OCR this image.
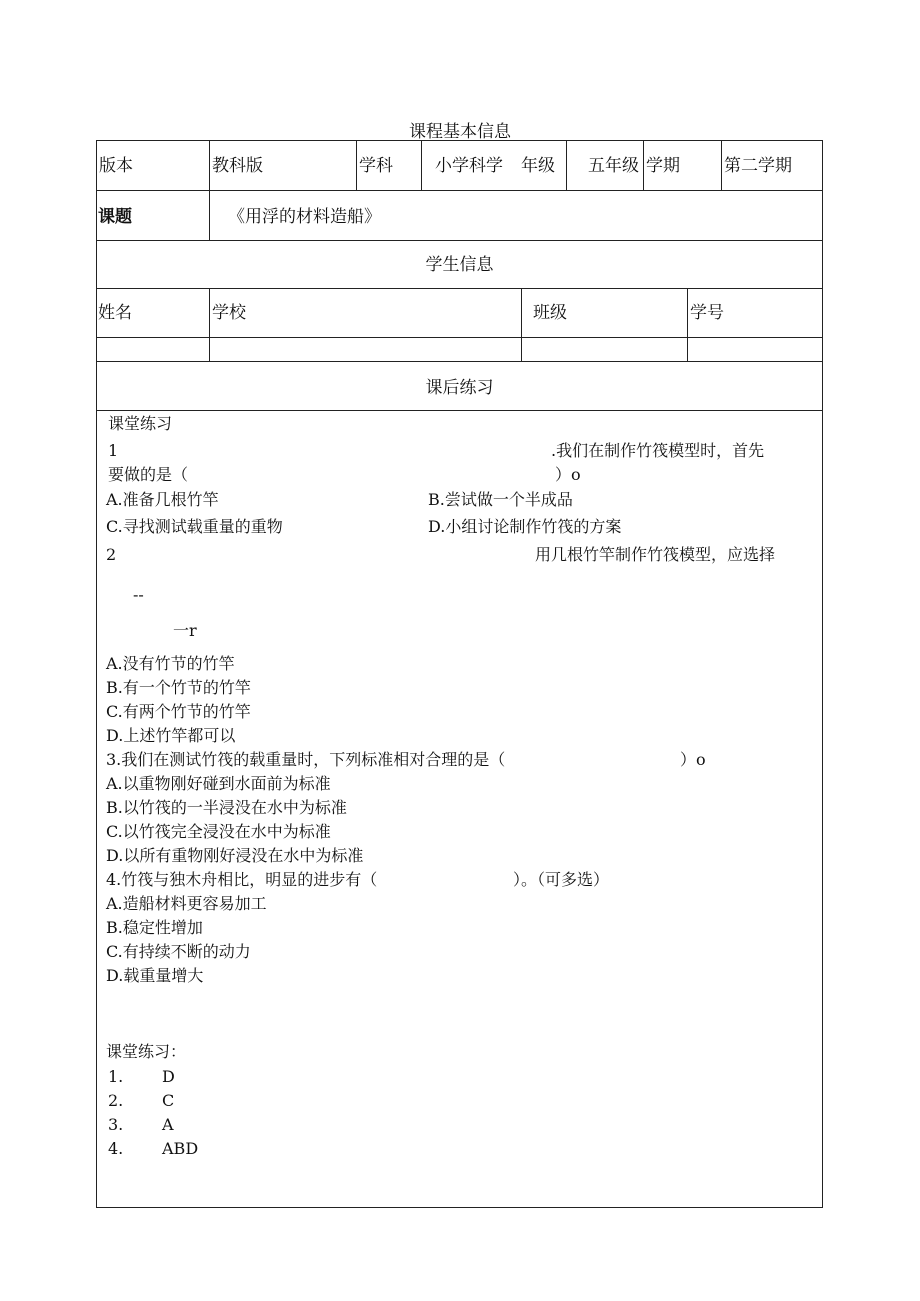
课程基本信息
版本	教科版	学科 小学科学 年级 五年级 学期	第二学期
课题	《用浮的材料造船》
学生信息
姓名	学校	班级	学号
课后练习
课堂练习
1	.我们在制作竹筏模型时，首先
要做的是（	）o
A.准备几根竹竿	B.尝试做一个半成品
C.寻找测试载重量的重物	D.小组讨论制作竹筏的方案
2	用几根竹竿制作竹筏模型，应选择
--
一r
A.没有竹节的竹竿
B.有一个竹节的竹竿
C.有两个竹节的竹竿
D.上述竹竿都可以
3.我们在测试竹筏的载重量时，下列标准相对合理的是（	）o
A.以重物刚好碰到水面前为标准
B.以竹筏的一半浸没在水中为标准
C.以竹筏完全浸没在水中为标准
D.以所有重物刚好浸没在水中为标准
4.竹筏与独木舟相比，明显的进步有（	）。（可多选）
A.造船材料更容易加工
B.稳定性增加
C.有持续不断的动力
D.载重量增大
课堂练习：
1. D
2. C
3. A
4. ABD
